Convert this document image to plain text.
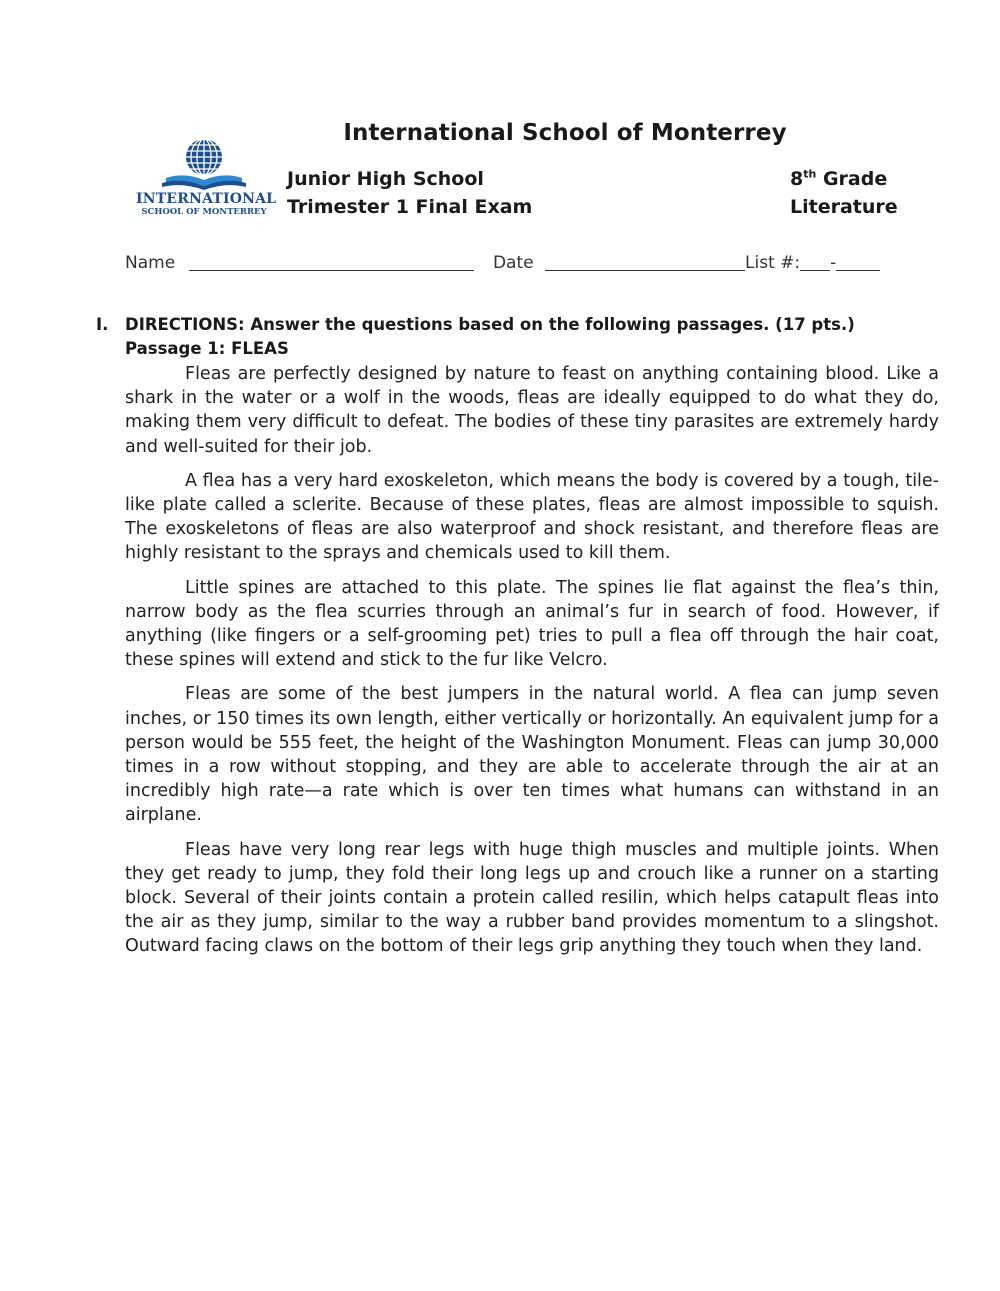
International School of Monterrey
INTERNATIONAL
SCHOOL OF MONTERREY
Junior High School
Trimester 1 Final Exam
8th Grade
Literature
Name	Date	List #: -
I. DIRECTIONS: Answer the questions based on the following passages. (17 pts.)
Passage 1: FLEAS

Fleas are perfectly designed by nature to feast on anything containing blood. Like a shark in the water or a wolf in the woods, fleas are ideally equipped to do what they do, making them very difficult to defeat. The bodies of these tiny parasites are extremely hardy and well-suited for their job.

A flea has a very hard exoskeleton, which means the body is covered by a tough, tile-like plate called a sclerite. Because of these plates, fleas are almost impossible to squish. The exoskeletons of fleas are also waterproof and shock resistant, and therefore fleas are highly resistant to the sprays and chemicals used to kill them.

Little spines are attached to this plate. The spines lie flat against the flea’s thin, narrow body as the flea scurries through an animal’s fur in search of food. However, if anything (like fingers or a self-grooming pet) tries to pull a flea off through the hair coat, these spines will extend and stick to the fur like Velcro.

Fleas are some of the best jumpers in the natural world. A flea can jump seven inches, or 150 times its own length, either vertically or horizontally. An equivalent jump for a person would be 555 feet, the height of the Washington Monument. Fleas can jump 30,000 times in a row without stopping, and they are able to accelerate through the air at an incredibly high rate—a rate which is over ten times what humans can withstand in an airplane.

Fleas have very long rear legs with huge thigh muscles and multiple joints. When they get ready to jump, they fold their long legs up and crouch like a runner on a starting block. Several of their joints contain a protein called resilin, which helps catapult fleas into the air as they jump, similar to the way a rubber band provides momentum to a slingshot. Outward facing claws on the bottom of their legs grip anything they touch when they land.
